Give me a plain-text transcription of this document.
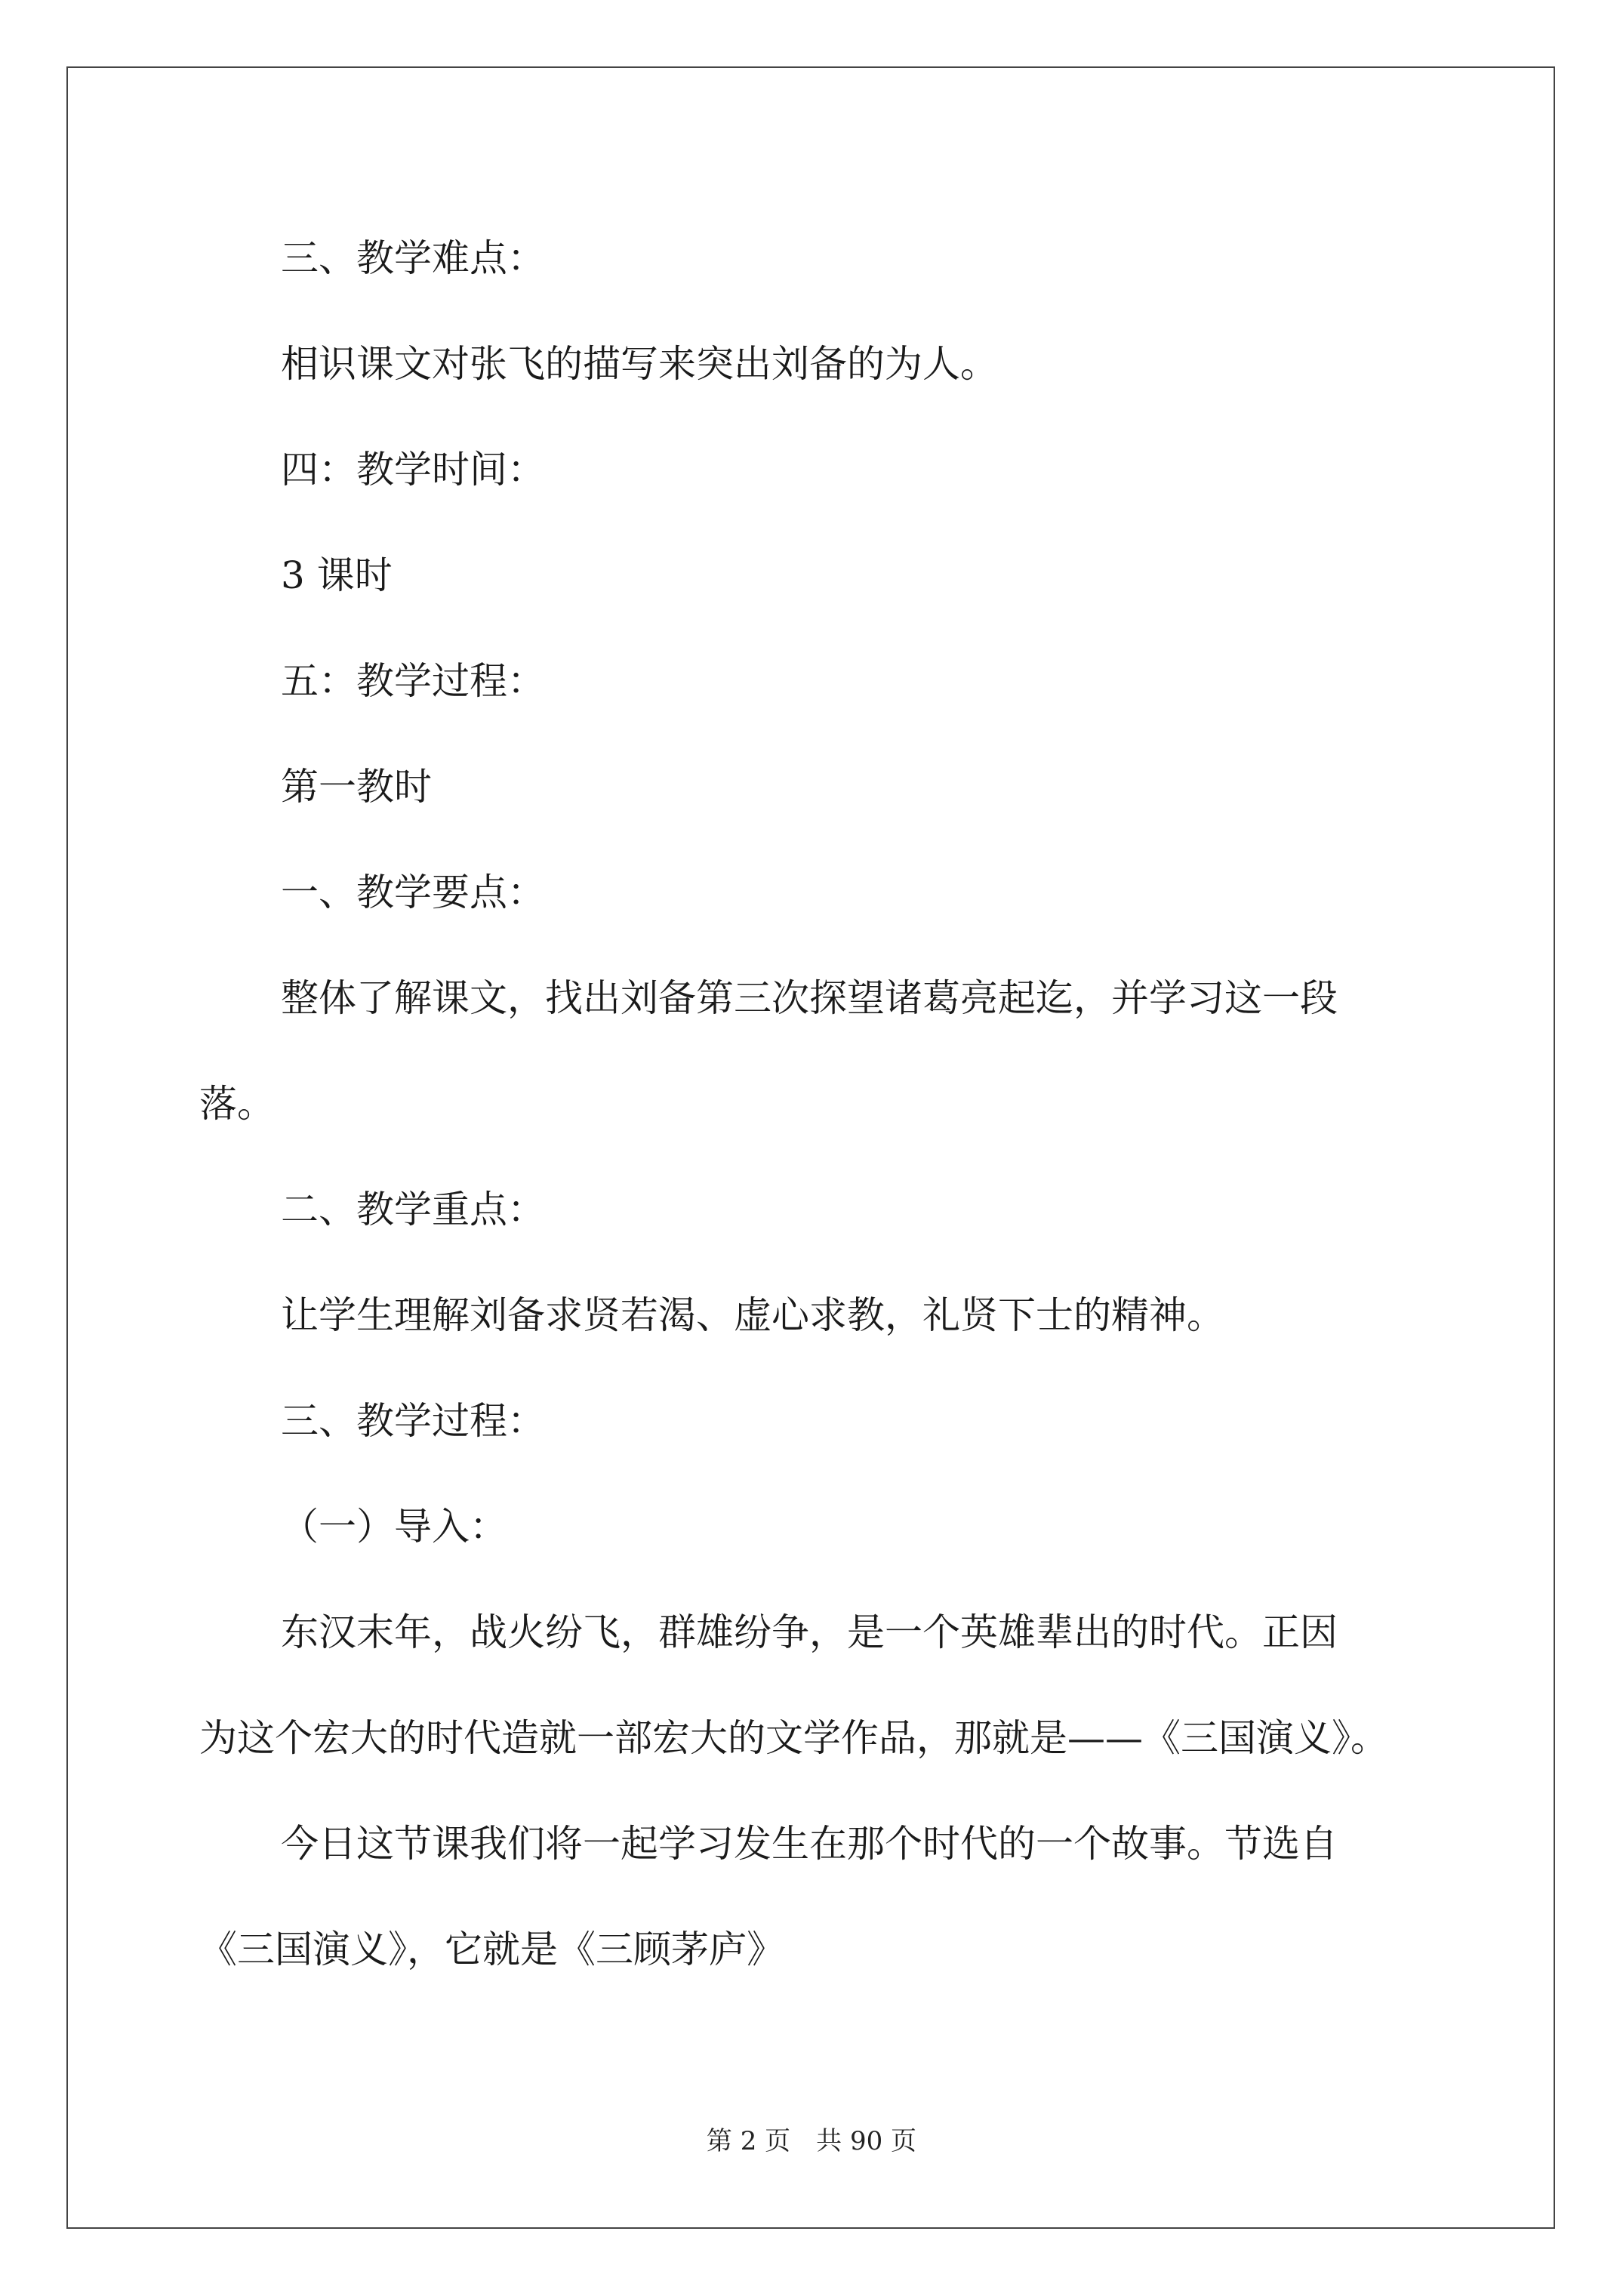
三、教学难点：
相识课文对张飞的描写来突出刘备的为人。
四：教学时间：
3 课时
五：教学过程：
第一教时
一、教学要点：
整体了解课文，找出刘备第三次探望诸葛亮起迄，并学习这一段
落。
二、教学重点：
让学生理解刘备求贤若渴、虚心求教，礼贤下士的精神。
三、教学过程：
（一）导入：
东汉末年，战火纷飞，群雄纷争，是一个英雄辈出的时代。正因
为这个宏大的时代造就一部宏大的文学作品，那就是——《三国演义》。
今日这节课我们将一起学习发生在那个时代的一个故事。节选自
《三国演义》，它就是《三顾茅庐》
第 2 页　共 90 页
